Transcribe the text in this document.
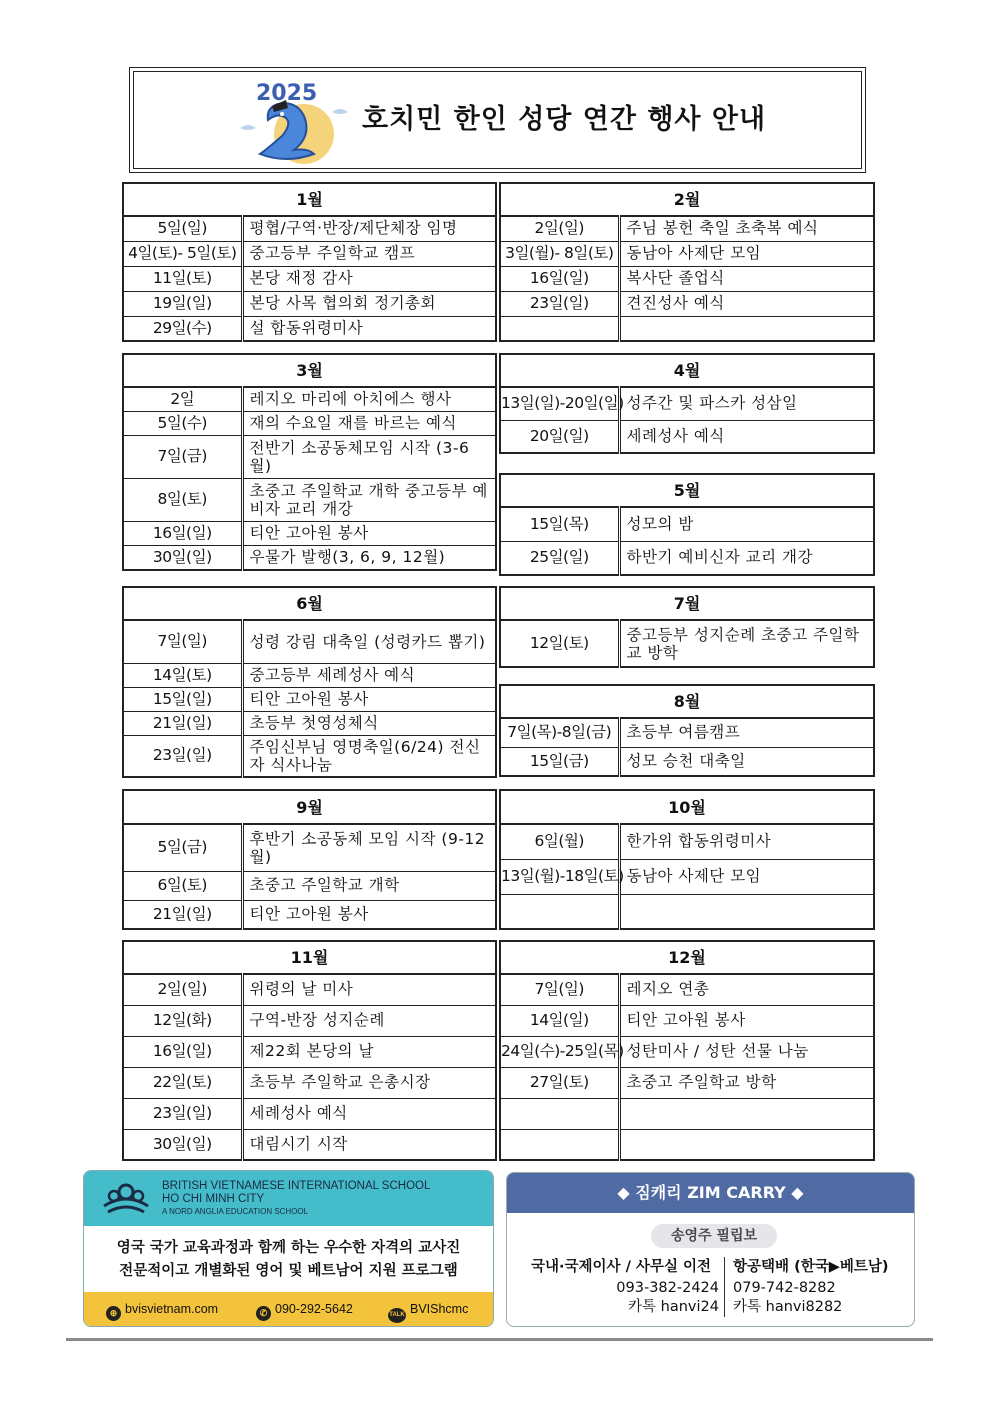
2025
호치민 한인 성당 연간 행사 안내
1월	
5일(일)	평협/구역·반장/제단체장 임명
4일(토)- 5일(토)	중고등부 주일학교 캠프
11일(토)	본당 재정 감사
19일(일)	본당 사목 협의회 정기총회
29일(수)	설 합동위령미사
2월	
2일(일)	주님 봉헌 축일 초축복 예식
3일(월)- 8일(토)	동남아 사제단 모임
16일(일)	복사단 졸업식
23일(일)	견진성사 예식

3월	
2일	레지오 마리에 아치에스 행사
5일(수)	재의 수요일 재를 바르는 예식
7일(금)	전반기 소공동체모임 시작 (3-6월)
8일(토)	초중고 주일학교 개학 중고등부 예비자 교리 개강
16일(일)	티안 고아원 봉사
30일(일)	우물가 발행(3, 6, 9, 12월)
4월	
13일(일)-20일(일)	성주간 및 파스카 성삼일
20일(일)	세례성사 예식
5월	
15일(목)	성모의 밤
25일(일)	하반기 예비신자 교리 개강
6월	
7일(일)	성령 강림 대축일 (성령카드 뽑기)
14일(토)	중고등부 세례성사 예식
15일(일)	티안 고아원 봉사
21일(일)	초등부 첫영성체식
23일(일)	주임신부님 영명축일(6/24) 전신자 식사나눔
7월
12일(토)	중고등부 성지순례 초중고 주일학교 방학
8월	
7일(목)-8일(금)	초등부 여름캠프
15일(금)	성모 승천 대축일
9월	
5일(금)	후반기 소공동체 모임 시작 (9-12월)
6일(토)	초중고 주일학교 개학
21일(일)	티안 고아원 봉사
10월	
6일(월)	한가위 합동위령미사
13일(월)-18일(토)	동남아 사제단 모임

11월	
2일(일)	위령의 날 미사
12일(화)	구역-반장 성지순례
16일(일)	제22회 본당의 날
22일(토)	초등부 주일학교 은총시장
23일(일)	세례성사 예식
30일(일)	대림시기 시작
12월	
7일(일)	레지오 연총
14일(일)	티안 고아원 봉사
24일(수)-25일(목)	성탄미사 / 성탄 선물 나눔
27일(토)	초중고 주일학교 방학

BRITISH VIETNAMESE INTERNATIONAL SCHOOL
HO CHI MINH CITY
A NORD ANGLIA EDUCATION SCHOOL
영국 국가 교육과정과 함께 하는 우수한 자격의 교사진
전문적이고 개별화된 영어 및 베트남어 지원 프로그램
⊕ bvisvietnam.com	✆ 090-292-5642	TALK BVIShcmc
◆ 짐캐리 ZIM CARRY ◆
송영주 필립보
국내·국제이사 / 사무실 이전
093-382-2424
카톡 hanvi24
항공택배 (한국▶베트남)
079-742-8282
카톡 hanvi8282
